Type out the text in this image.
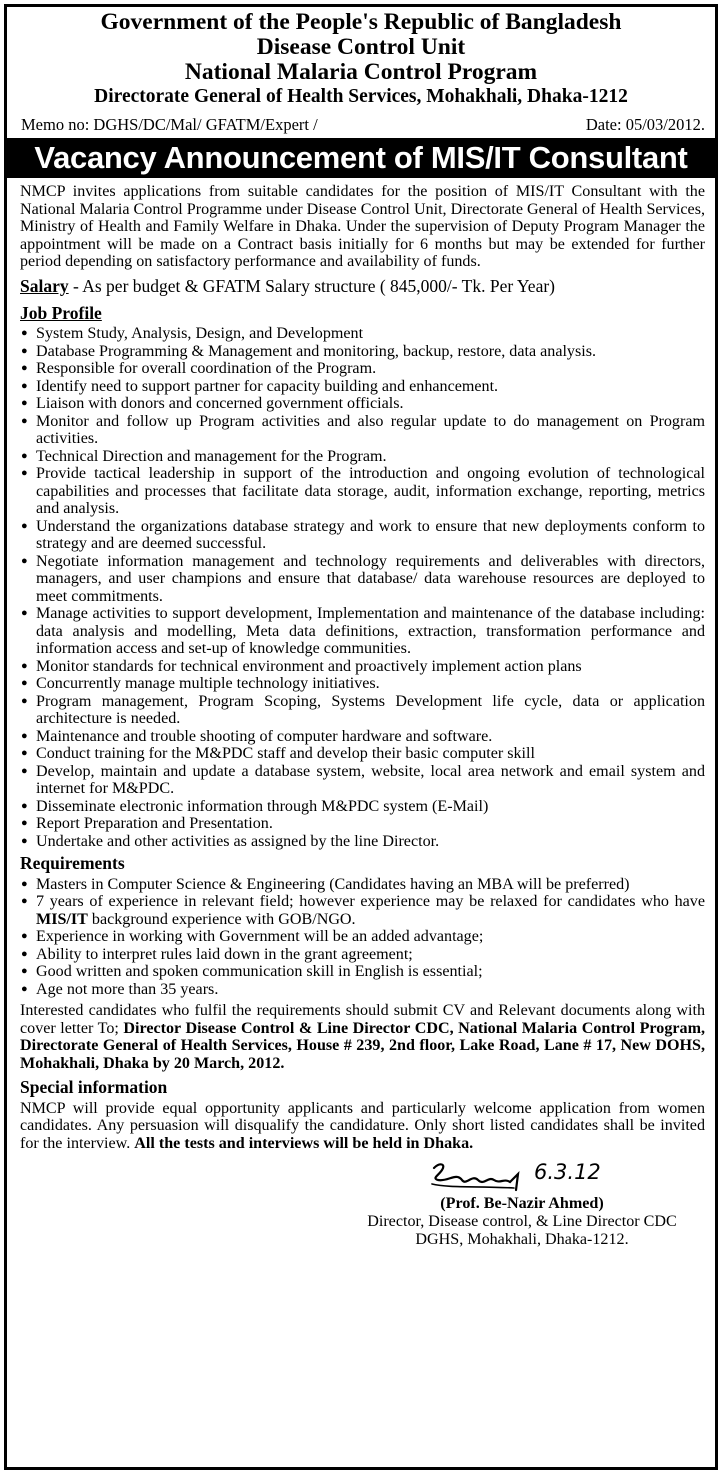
Government of the People's Republic of Bangladesh
Disease Control Unit
National Malaria Control Program
Directorate General of Health Services, Mohakhali, Dhaka-1212
Memo no: DGHS/DC/Mal/ GFATM/Expert /	Date: 05/03/2012.
Vacancy Announcement of MIS/IT Consultant

NMCP invites applications from suitable candidates for the position of MIS/IT Consultant with the National Malaria Control Programme under Disease Control Unit, Directorate General of Health Services, Ministry of Health and Family Welfare in Dhaka. Under the supervision of Deputy Program Manager the appointment will be made on a Contract basis initially for 6 months but may be extended for further period depending on satisfactory performance and availability of funds.

Salary - As per budget & GFATM Salary structure ( 845,000/- Tk. Per Year)
Job Profile
● System Study, Analysis, Design, and Development
● Database Programming & Management and monitoring, backup, restore, data analysis.
● Responsible for overall coordination of the Program.
● Identify need to support partner for capacity building and enhancement.
● Liaison with donors and concerned government officials.
● Monitor and follow up Program activities and also regular update to do management on Program activities.
● Technical Direction and management for the Program.
● Provide tactical leadership in support of the introduction and ongoing evolution of technological capabilities and processes that facilitate data storage, audit, information exchange, reporting, metrics and analysis.
● Understand the organizations database strategy and work to ensure that new deployments conform to strategy and are deemed successful.
● Negotiate information management and technology requirements and deliverables with directors, managers, and user champions and ensure that database/ data warehouse resources are deployed to meet commitments.
● Manage activities to support development, Implementation and maintenance of the database including: data analysis and modelling, Meta data definitions, extraction, transformation performance and information access and set-up of knowledge communities.
● Monitor standards for technical environment and proactively implement action plans
● Concurrently manage multiple technology initiatives.
● Program management, Program Scoping, Systems Development life cycle, data or application architecture is needed.
● Maintenance and trouble shooting of computer hardware and software.
● Conduct training for the M&PDC staff and develop their basic computer skill
● Develop, maintain and update a database system, website, local area network and email system and internet for M&PDC.
● Disseminate electronic information through M&PDC system (E-Mail)
● Report Preparation and Presentation.
● Undertake and other activities as assigned by the line Director.
Requirements
● Masters in Computer Science & Engineering (Candidates having an MBA will be preferred)
● 7 years of experience in relevant field; however experience may be relaxed for candidates who have MIS/IT background experience with GOB/NGO.
● Experience in working with Government will be an added advantage;
● Ability to interpret rules laid down in the grant agreement;
● Good written and spoken communication skill in English is essential;
● Age not more than 35 years.

Interested candidates who fulfil the requirements should submit CV and Relevant documents along with cover letter To; Director Disease Control & Line Director CDC, National Malaria Control Program, Directorate General of Health Services, House # 239, 2nd floor, Lake Road, Lane # 17, New DOHS, Mohakhali, Dhaka by 20 March, 2012.

Special information

NMCP will provide equal opportunity applicants and particularly welcome application from women candidates. Any persuasion will disqualify the candidature. Only short listed candidates shall be invited for the interview. All the tests and interviews will be held in Dhaka.

6.3.12
(Prof. Be-Nazir Ahmed)
Director, Disease control, & Line Director CDC
DGHS, Mohakhali, Dhaka-1212.
